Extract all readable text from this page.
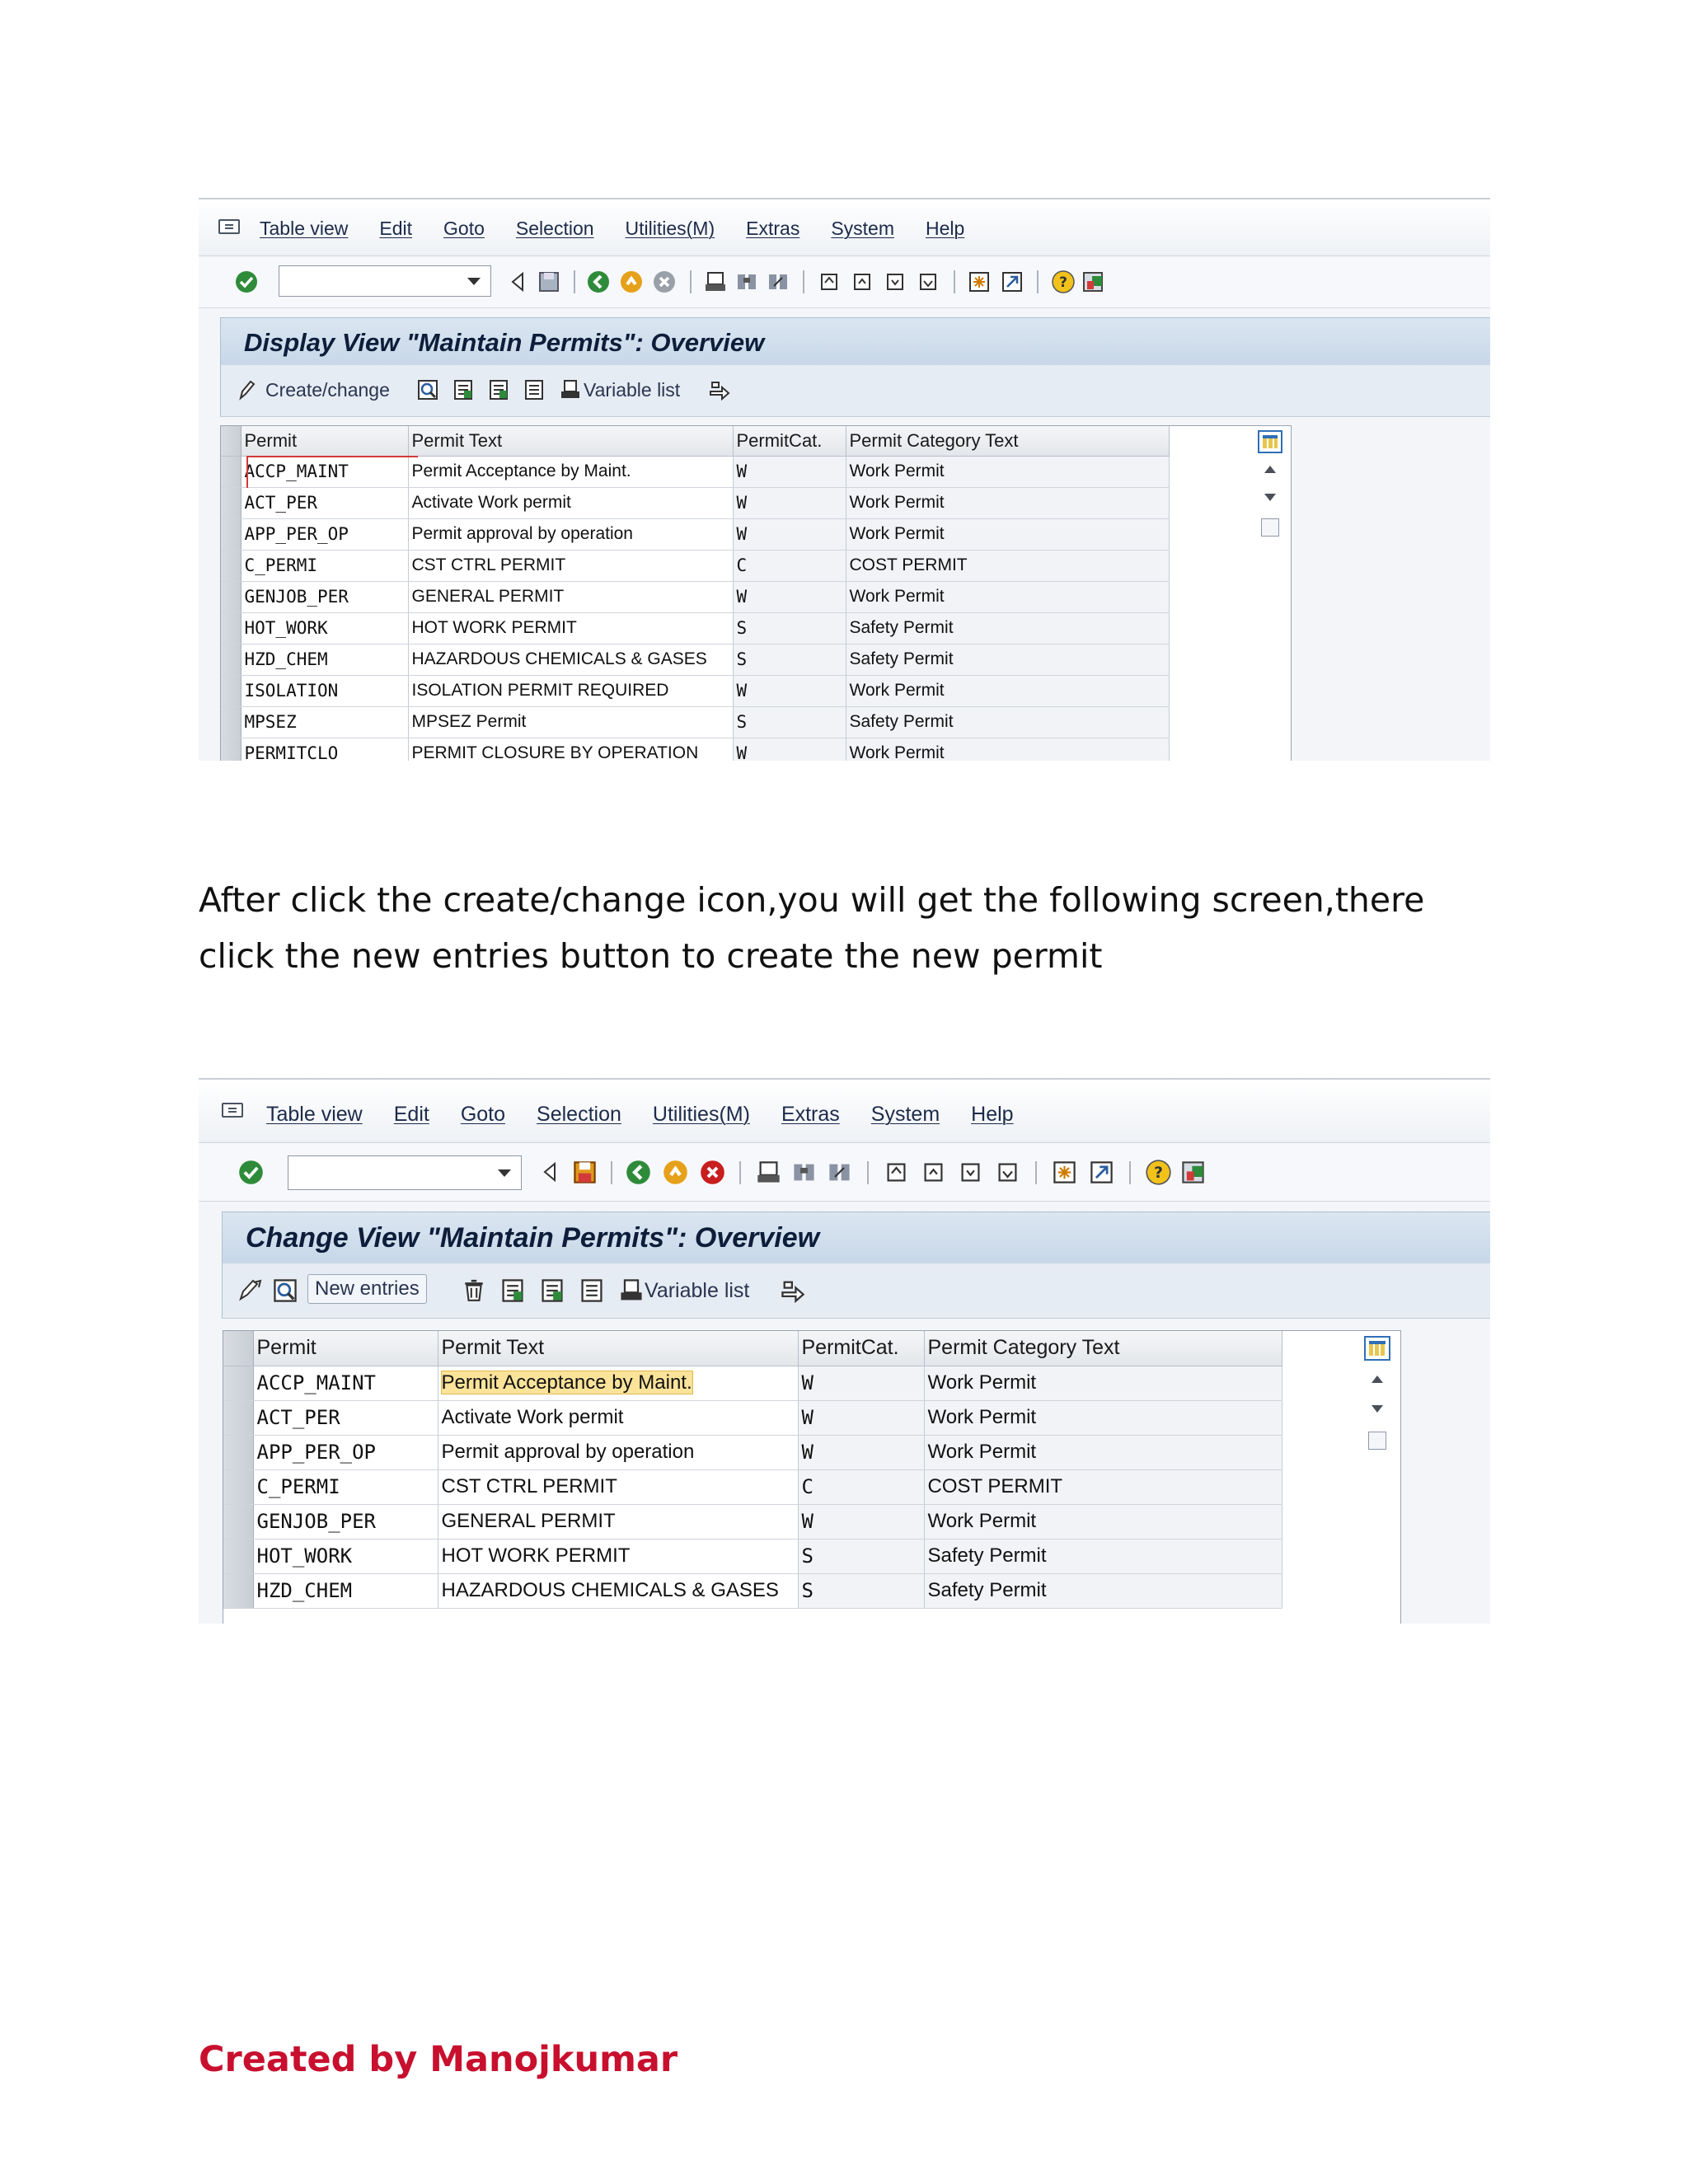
Table view Edit Goto Selection Utilities(M) Extras System Help
?
Display View "Maintain Permits": Overview
Create/change	Variable list
	Permit	Permit Text	PermitCat.	Permit Category Text
	ACCP_MAINT	Permit Acceptance by Maint.	W	Work Permit
	ACT_PER	Activate Work permit	W	Work Permit
	APP_PER_OP	Permit approval by operation	W	Work Permit
	C_PERMI	CST CTRL PERMIT	C	COST PERMIT
	GENJOB_PER	GENERAL PERMIT	W	Work Permit
	HOT_WORK	HOT WORK PERMIT	S	Safety Permit
	HZD_CHEM	HAZARDOUS CHEMICALS & GASES	S	Safety Permit
	ISOLATION	ISOLATION PERMIT REQUIRED	W	Work Permit
	MPSEZ	MPSEZ Permit	S	Safety Permit
	PERMITCLO	PERMIT CLOSURE BY OPERATION	W	Work Permit
After click the create/change icon,you will get the following screen,there click the new entries button to create the new permit
Table view Edit Goto Selection Utilities(M) Extras System Help
?
Change View "Maintain Permits": Overview
New entries	Variable list
	Permit	Permit Text	PermitCat.	Permit Category Text
	ACCP_MAINT	Permit Acceptance by Maint.	W	Work Permit
	ACT_PER	Activate Work permit	W	Work Permit
	APP_PER_OP	Permit approval by operation	W	Work Permit
	C_PERMI	CST CTRL PERMIT	C	COST PERMIT
	GENJOB_PER	GENERAL PERMIT	W	Work Permit
	HOT_WORK	HOT WORK PERMIT	S	Safety Permit
	HZD_CHEM	HAZARDOUS CHEMICALS & GASES	S	Safety Permit
Created by Manojkumar
